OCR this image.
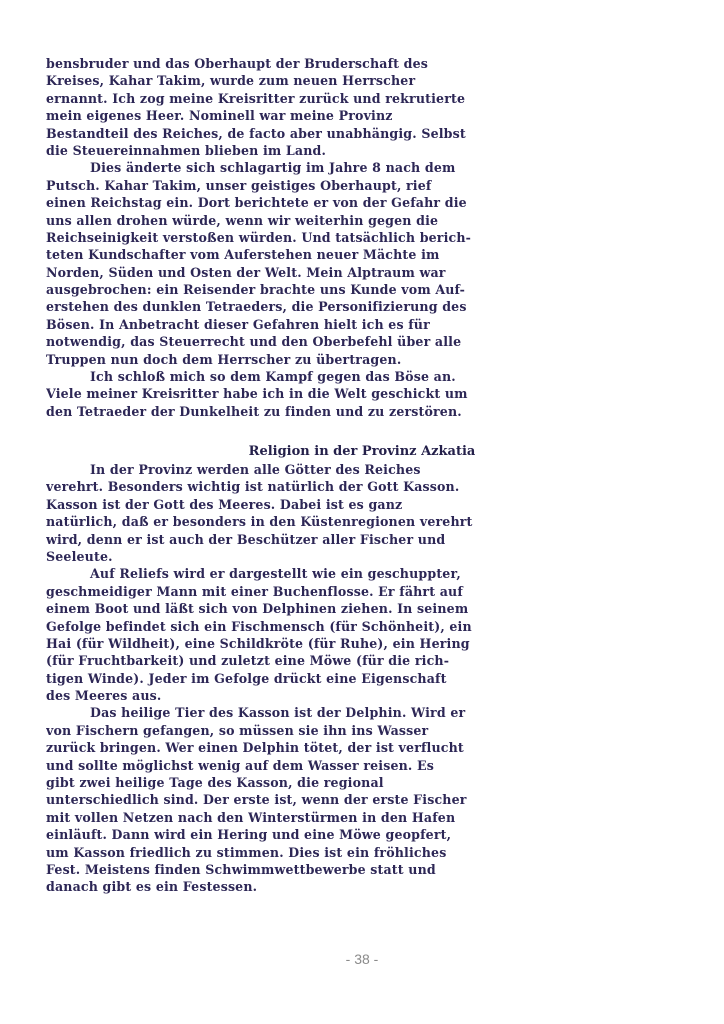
bensbruder und das Oberhaupt der Bruderschaft des
Kreises, Kahar Takim, wurde zum neuen Herrscher
ernannt. Ich zog meine Kreisritter zurück und rekrutierte
mein eigenes Heer. Nominell war meine Provinz
Bestandteil des Reiches, de facto aber unabhängig. Selbst
die Steuereinnahmen blieben im Land.
Dies änderte sich schlagartig im Jahre 8 nach dem
Putsch. Kahar Takim, unser geistiges Oberhaupt, rief
einen Reichstag ein. Dort berichtete er von der Gefahr die
uns allen drohen würde, wenn wir weiterhin gegen die
Reichseinigkeit verstoßen würden. Und tatsächlich berich-
teten Kundschafter vom Auferstehen neuer Mächte im
Norden, Süden und Osten der Welt. Mein Alptraum war
ausgebrochen: ein Reisender brachte uns Kunde vom Auf-
erstehen des dunklen Tetraeders, die Personifizierung des
Bösen. In Anbetracht dieser Gefahren hielt ich es für
notwendig, das Steuerrecht und den Oberbefehl über alle
Truppen nun doch dem Herrscher zu übertragen.
Ich schloß mich so dem Kampf gegen das Böse an.
Viele meiner Kreisritter habe ich in die Welt geschickt um
den Tetraeder der Dunkelheit zu finden und zu zerstören.
Religion in der Provinz Azkatia
In der Provinz werden alle Götter des Reiches
verehrt. Besonders wichtig ist natürlich der Gott Kasson.
Kasson ist der Gott des Meeres. Dabei ist es ganz
natürlich, daß er besonders in den Küstenregionen verehrt
wird, denn er ist auch der Beschützer aller Fischer und
Seeleute.
Auf Reliefs wird er dargestellt wie ein geschuppter,
geschmeidiger Mann mit einer Buchenflosse. Er fährt auf
einem Boot und läßt sich von Delphinen ziehen. In seinem
Gefolge befindet sich ein Fischmensch (für Schönheit), ein
Hai (für Wildheit), eine Schildkröte (für Ruhe), ein Hering
(für Fruchtbarkeit) und zuletzt eine Möwe (für die rich-
tigen Winde). Jeder im Gefolge drückt eine Eigenschaft
des Meeres aus.
Das heilige Tier des Kasson ist der Delphin. Wird er
von Fischern gefangen, so müssen sie ihn ins Wasser
zurück bringen. Wer einen Delphin tötet, der ist verflucht
und sollte möglichst wenig auf dem Wasser reisen. Es
gibt zwei heilige Tage des Kasson, die regional
unterschiedlich sind. Der erste ist, wenn der erste Fischer
mit vollen Netzen nach den Winterstürmen in den Hafen
einläuft. Dann wird ein Hering und eine Möwe geopfert,
um Kasson friedlich zu stimmen. Dies ist ein fröhliches
Fest. Meistens finden Schwimmwettbewerbe statt und
danach gibt es ein Festessen.
- 38 -
